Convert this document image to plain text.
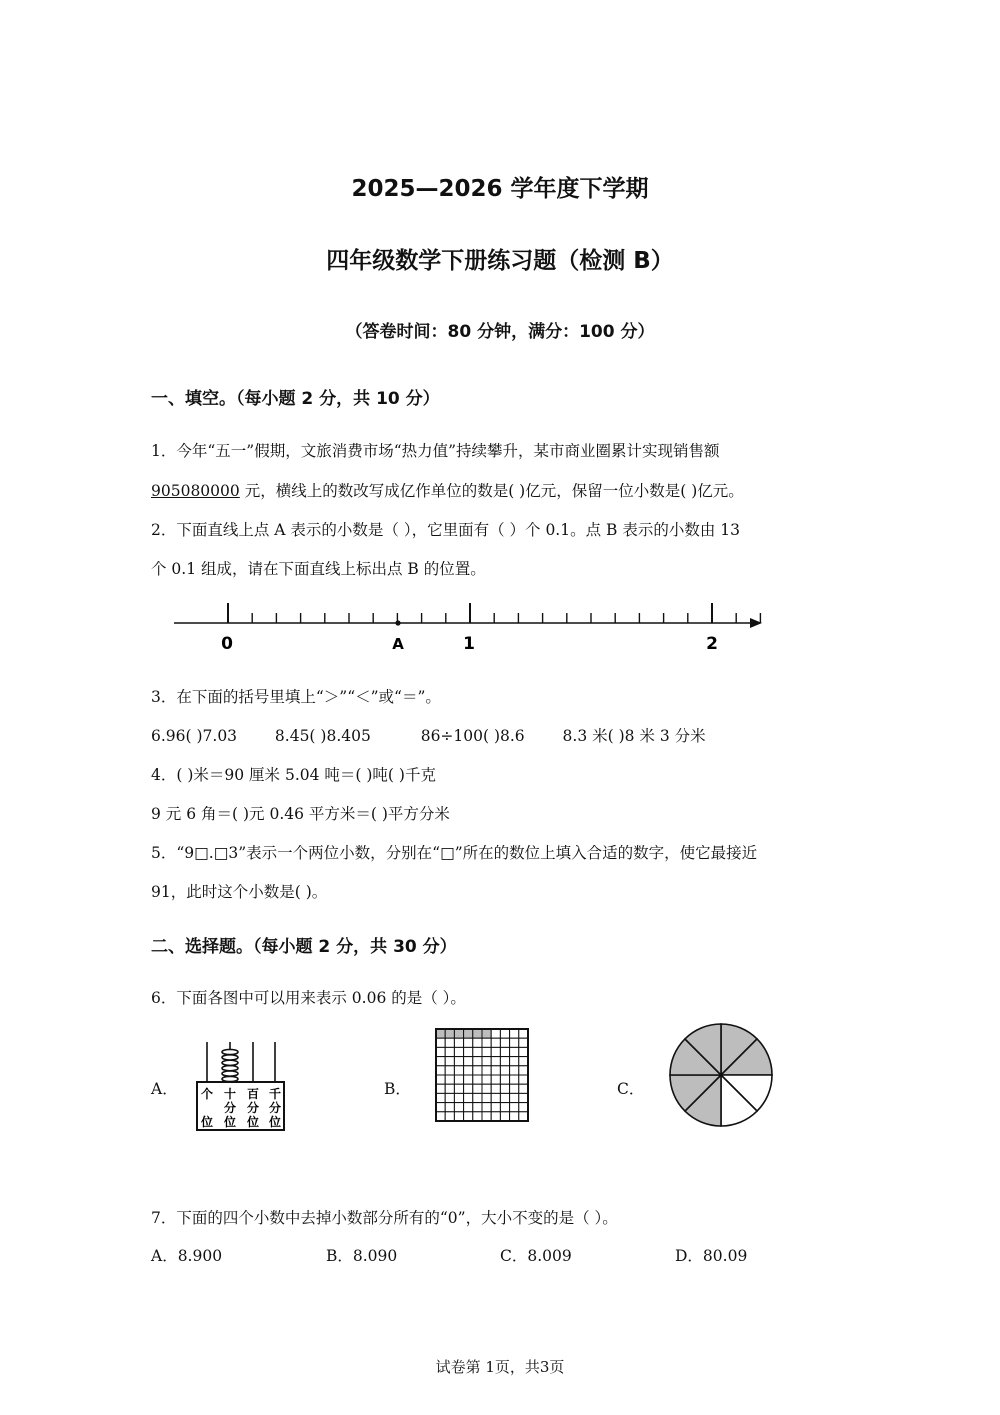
2025—2026 学年度下学期
四年级数学下册练习题（检测 B）
（答卷时间：80 分钟，满分：100 分）
一、填空。（每小题 2 分，共 10 分）
1．今年“五一”假期，文旅消费市场“热力值”持续攀升，某市商业圈累计实现销售额
905080000 元，横线上的数改写成亿作单位的数是( )亿元，保留一位小数是( )亿元。
2．下面直线上点 A 表示的小数是（ ），它里面有（ ）个 0.1。点 B 表示的小数由 13
个 0.1 组成，请在下面直线上标出点 B 的位置。
0	A	1	2
3．在下面的括号里填上“＞”“＜”或“＝”。
6.96( )7.03 8.45( )8.405	86÷100( )8.6 8.3 米( )8 米 3 分米
4．( )米＝90 厘米 5.04 吨＝( )吨( )千克
9 元 6 角＝( )元 0.46 平方米＝( )平方分米
5．“9□.□3”表示一个两位小数，分别在“□”所在的数位上填入合适的数字，使它最接近
91，此时这个小数是( )。
二、选择题。（每小题 2 分，共 30 分）
6．下面各图中可以用来表示 0.06 的是（ ）。
A． 个 十
分
位
百
分
位
千
分
位
位
B．	C．
7．下面的四个小数中去掉小数部分所有的“0”，大小不变的是（ ）。
A．8.900	B．8.090	C．8.009	D．80.09
试卷第 1页，共3页
